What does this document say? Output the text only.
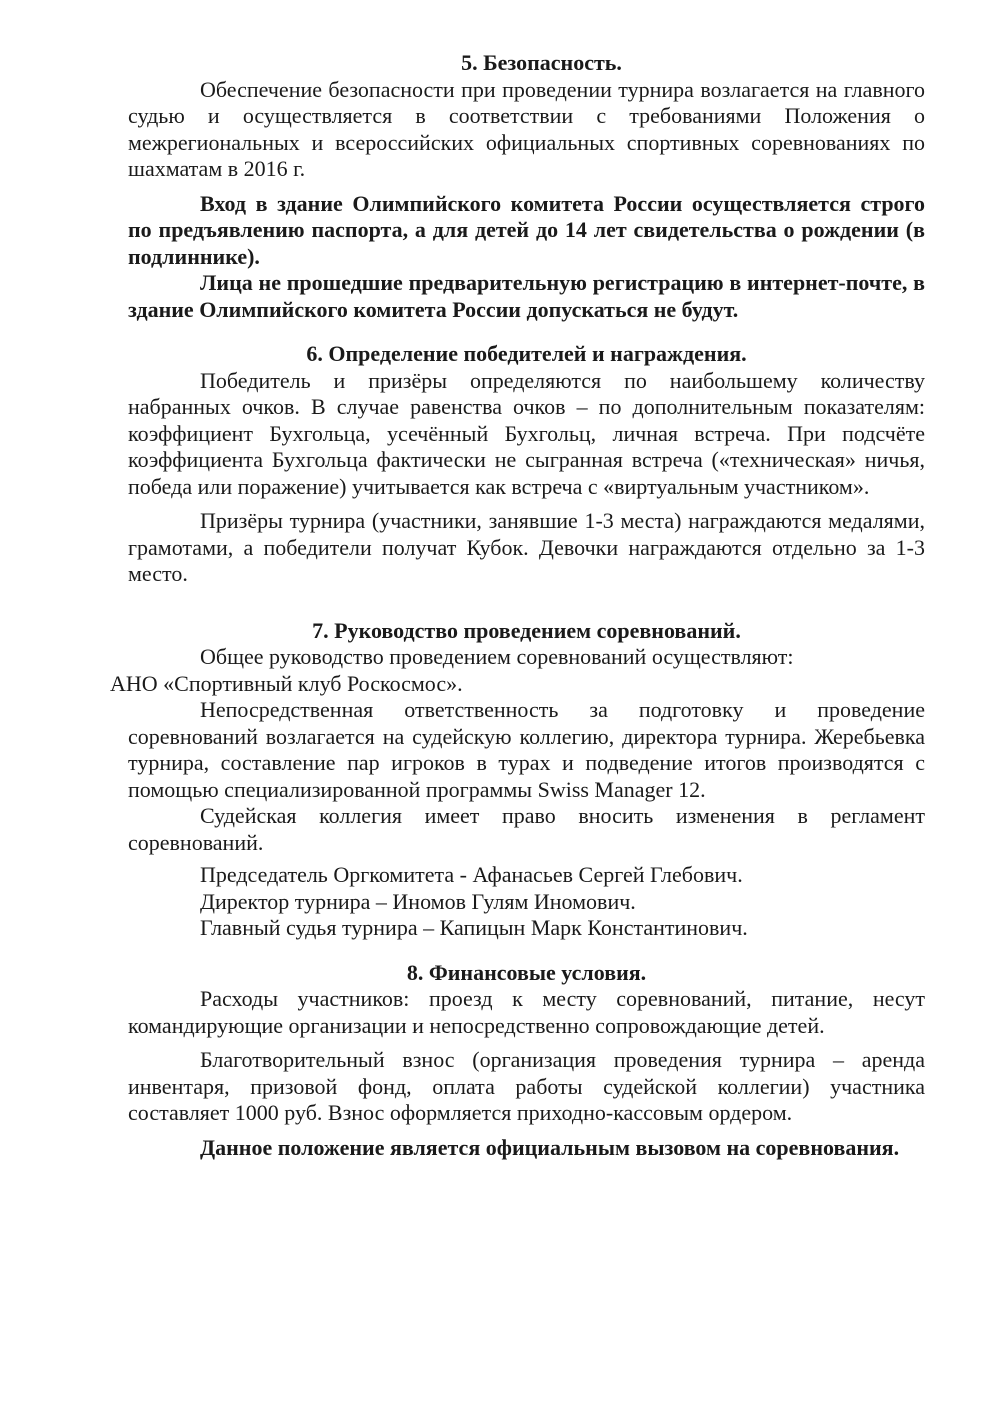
5. Безопасность.

Обеспечение безопасности при проведении турнира возлагается на главного судью и осуществляется в соответствии с требованиями Положения о межрегиональных и всероссийских официальных спортивных соревнованиях по шахматам в 2016 г.

Вход в здание Олимпийского комитета России осуществляется строго по предъявлению паспорта, а для детей до 14 лет свидетельства о рождении (в подлиннике).

Лица не прошедшие предварительную регистрацию в интернет-почте, в здание Олимпийского комитета России допускаться не будут.

6. Определение победителей и награждения.

Победитель и призёры определяются по наибольшему количеству набранных очков. В случае равенства очков – по дополнительным показателям: коэффициент Бухгольца, усечённый Бухгольц, личная встреча. При подсчёте коэффициента Бухгольца фактически не сыгранная встреча («техническая» ничья, победа или поражение) учитывается как встреча с «виртуальным участником».

Призёры турнира (участники, занявшие 1-3 места) награждаются медалями, грамотами, а победители получат Кубок. Девочки награждаются отдельно за 1-3 место.

7. Руководство проведением соревнований.

Общее руководство проведением соревнований осуществляют:

АНО «Спортивный клуб Роскосмос».

Непосредственная ответственность за подготовку и проведение соревнований возлагается на судейскую коллегию, директора турнира. Жеребьевка турнира, составление пар игроков в турах и подведение итогов производятся с помощью специализированной программы Swiss Manager 12.

Судейская коллегия имеет право вносить изменения в регламент соревнований.

Председатель Оргкомитета - Афанасьев Сергей Глебович.
Директор турнира – Иномов Гулям Иномович.
Главный судья турнира – Капицын Марк Константинович.
8. Финансовые условия.

Расходы участников: проезд к месту соревнований, питание, несут командирующие организации и непосредственно сопровождающие детей.

Благотворительный взнос (организация проведения турнира – аренда инвентаря, призовой фонд, оплата работы судейской коллегии) участника составляет 1000 руб. Взнос оформляется приходно-кассовым ордером.

Данное положение является официальным вызовом на соревнования.
